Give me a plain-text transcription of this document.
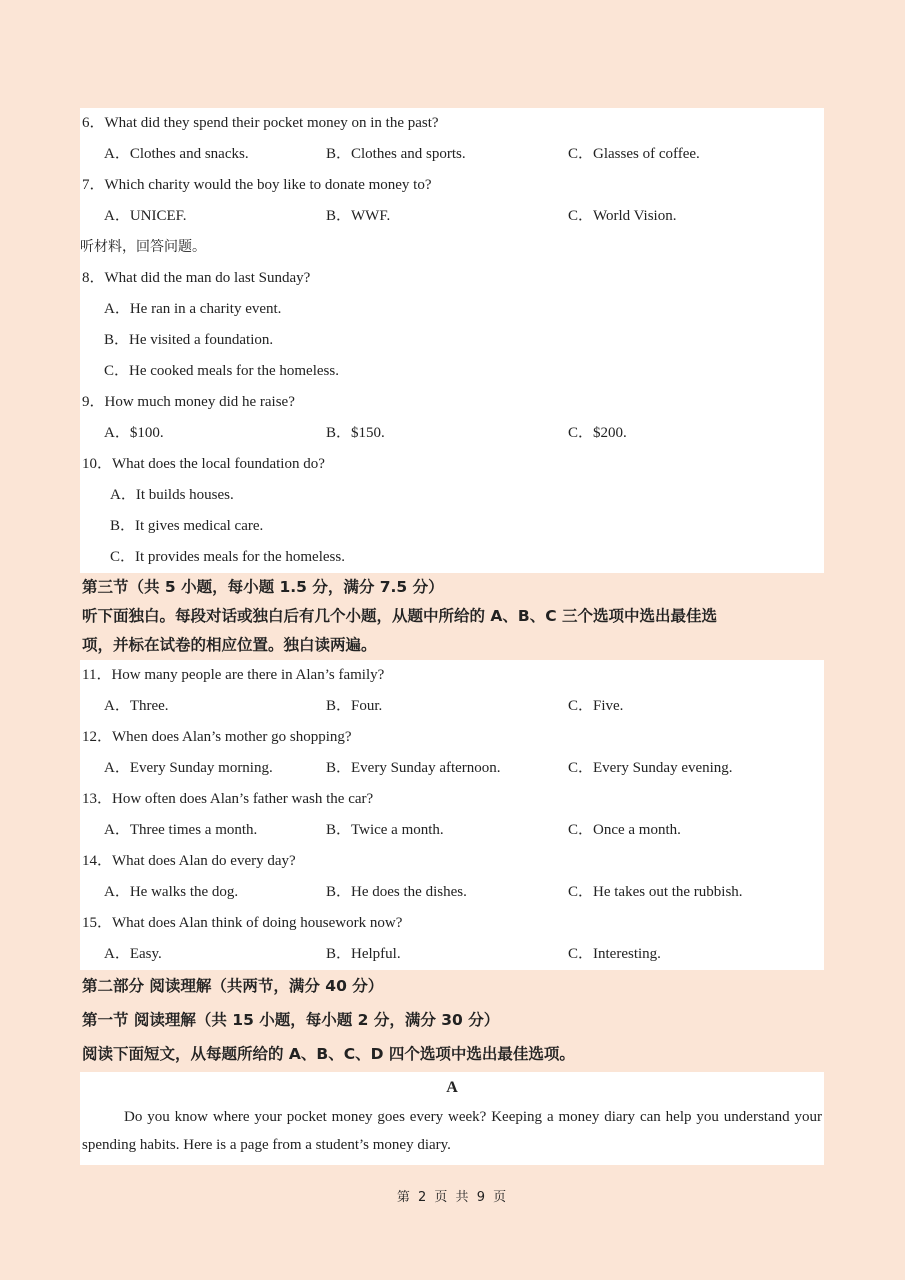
6．What did they spend their pocket money on in the past?
A．Clothes and snacks.	B．Clothes and sports.	C．Glasses of coffee.
7．Which charity would the boy like to donate money to?
A．UNICEF.	B．WWF.	C．World Vision.
听材料，回答问题。
8．What did the man do last Sunday?
A．He ran in a charity event.
B．He visited a foundation.
C．He cooked meals for the homeless.
9．How much money did he raise?
A．$100.	B．$150.	C．$200.
10．What does the local foundation do?
A．It builds houses.
B．It gives medical care.
C．It provides meals for the homeless.
第三节（共 5 小题，每小题 1.5 分，满分 7.5 分）
听下面独白。每段对话或独白后有几个小题，从题中所给的 A、B、C 三个选项中选出最佳选
项，并标在试卷的相应位置。独白读两遍。
11．How many people are there in Alan’s family?
A．Three.	B．Four.	C．Five.
12．When does Alan’s mother go shopping?
A．Every Sunday morning.	B．Every Sunday afternoon.	C．Every Sunday evening.
13．How often does Alan’s father wash the car?
A．Three times a month.	B．Twice a month.	C．Once a month.
14．What does Alan do every day?
A．He walks the dog.	B．He does the dishes.	C．He takes out the rubbish.
15．What does Alan think of doing housework now?
A．Easy.	B．Helpful.	C．Interesting.
第二部分 阅读理解（共两节，满分 40 分）
第一节 阅读理解（共 15 小题，每小题 2 分，满分 30 分）
阅读下面短文，从每题所给的 A、B、C、D 四个选项中选出最佳选项。
A
Do you know where your pocket money goes every week? Keeping a money diary can help you understand your spending habits. Here is a page from a student’s money diary.
第 2 页 共 9 页
